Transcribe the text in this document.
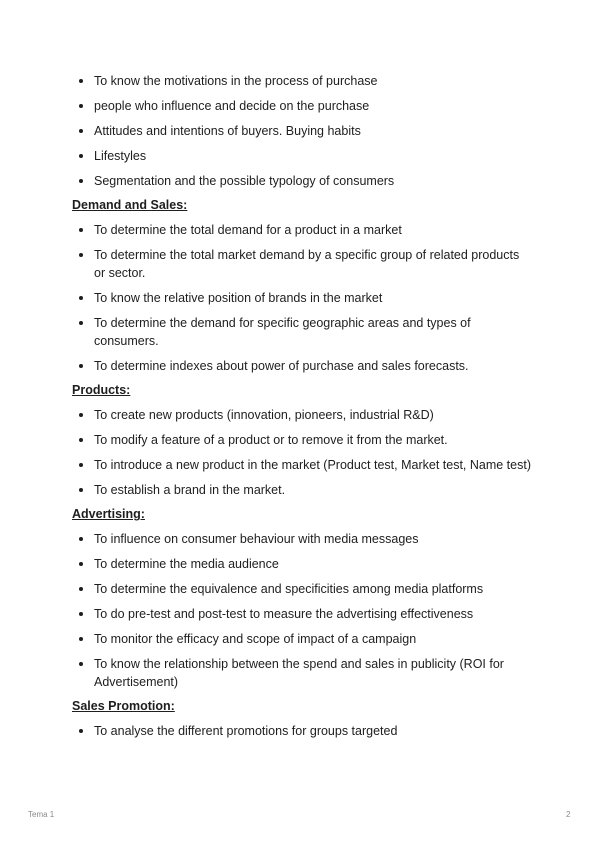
To know the motivations in the process of purchase
people who influence and decide on the purchase
Attitudes and intentions of buyers. Buying habits
Lifestyles
Segmentation and the possible typology of consumers
Demand and Sales:
To determine the total demand for a product in a market
To determine the total market demand by a specific group of related products or sector.
To know the relative position of brands in the market
To determine the demand for specific geographic areas and types of consumers.
To determine indexes about power of purchase and sales forecasts.
Products:
To create new products (innovation, pioneers, industrial R&D)
To modify a feature of a product or to remove it from the market.
To introduce a new product in the market (Product test, Market test, Name test)
To establish a brand in the market.
Advertising:
To influence on consumer behaviour with media messages
To determine the media audience
To determine the equivalence and specificities among media platforms
To do pre-test and post-test to measure the advertising effectiveness
To monitor the efficacy and scope of impact of a campaign
To know the relationship between the spend and sales in publicity (ROI for Advertisement)
Sales Promotion:
To analyse the different promotions for groups targeted
Tema 1	2
